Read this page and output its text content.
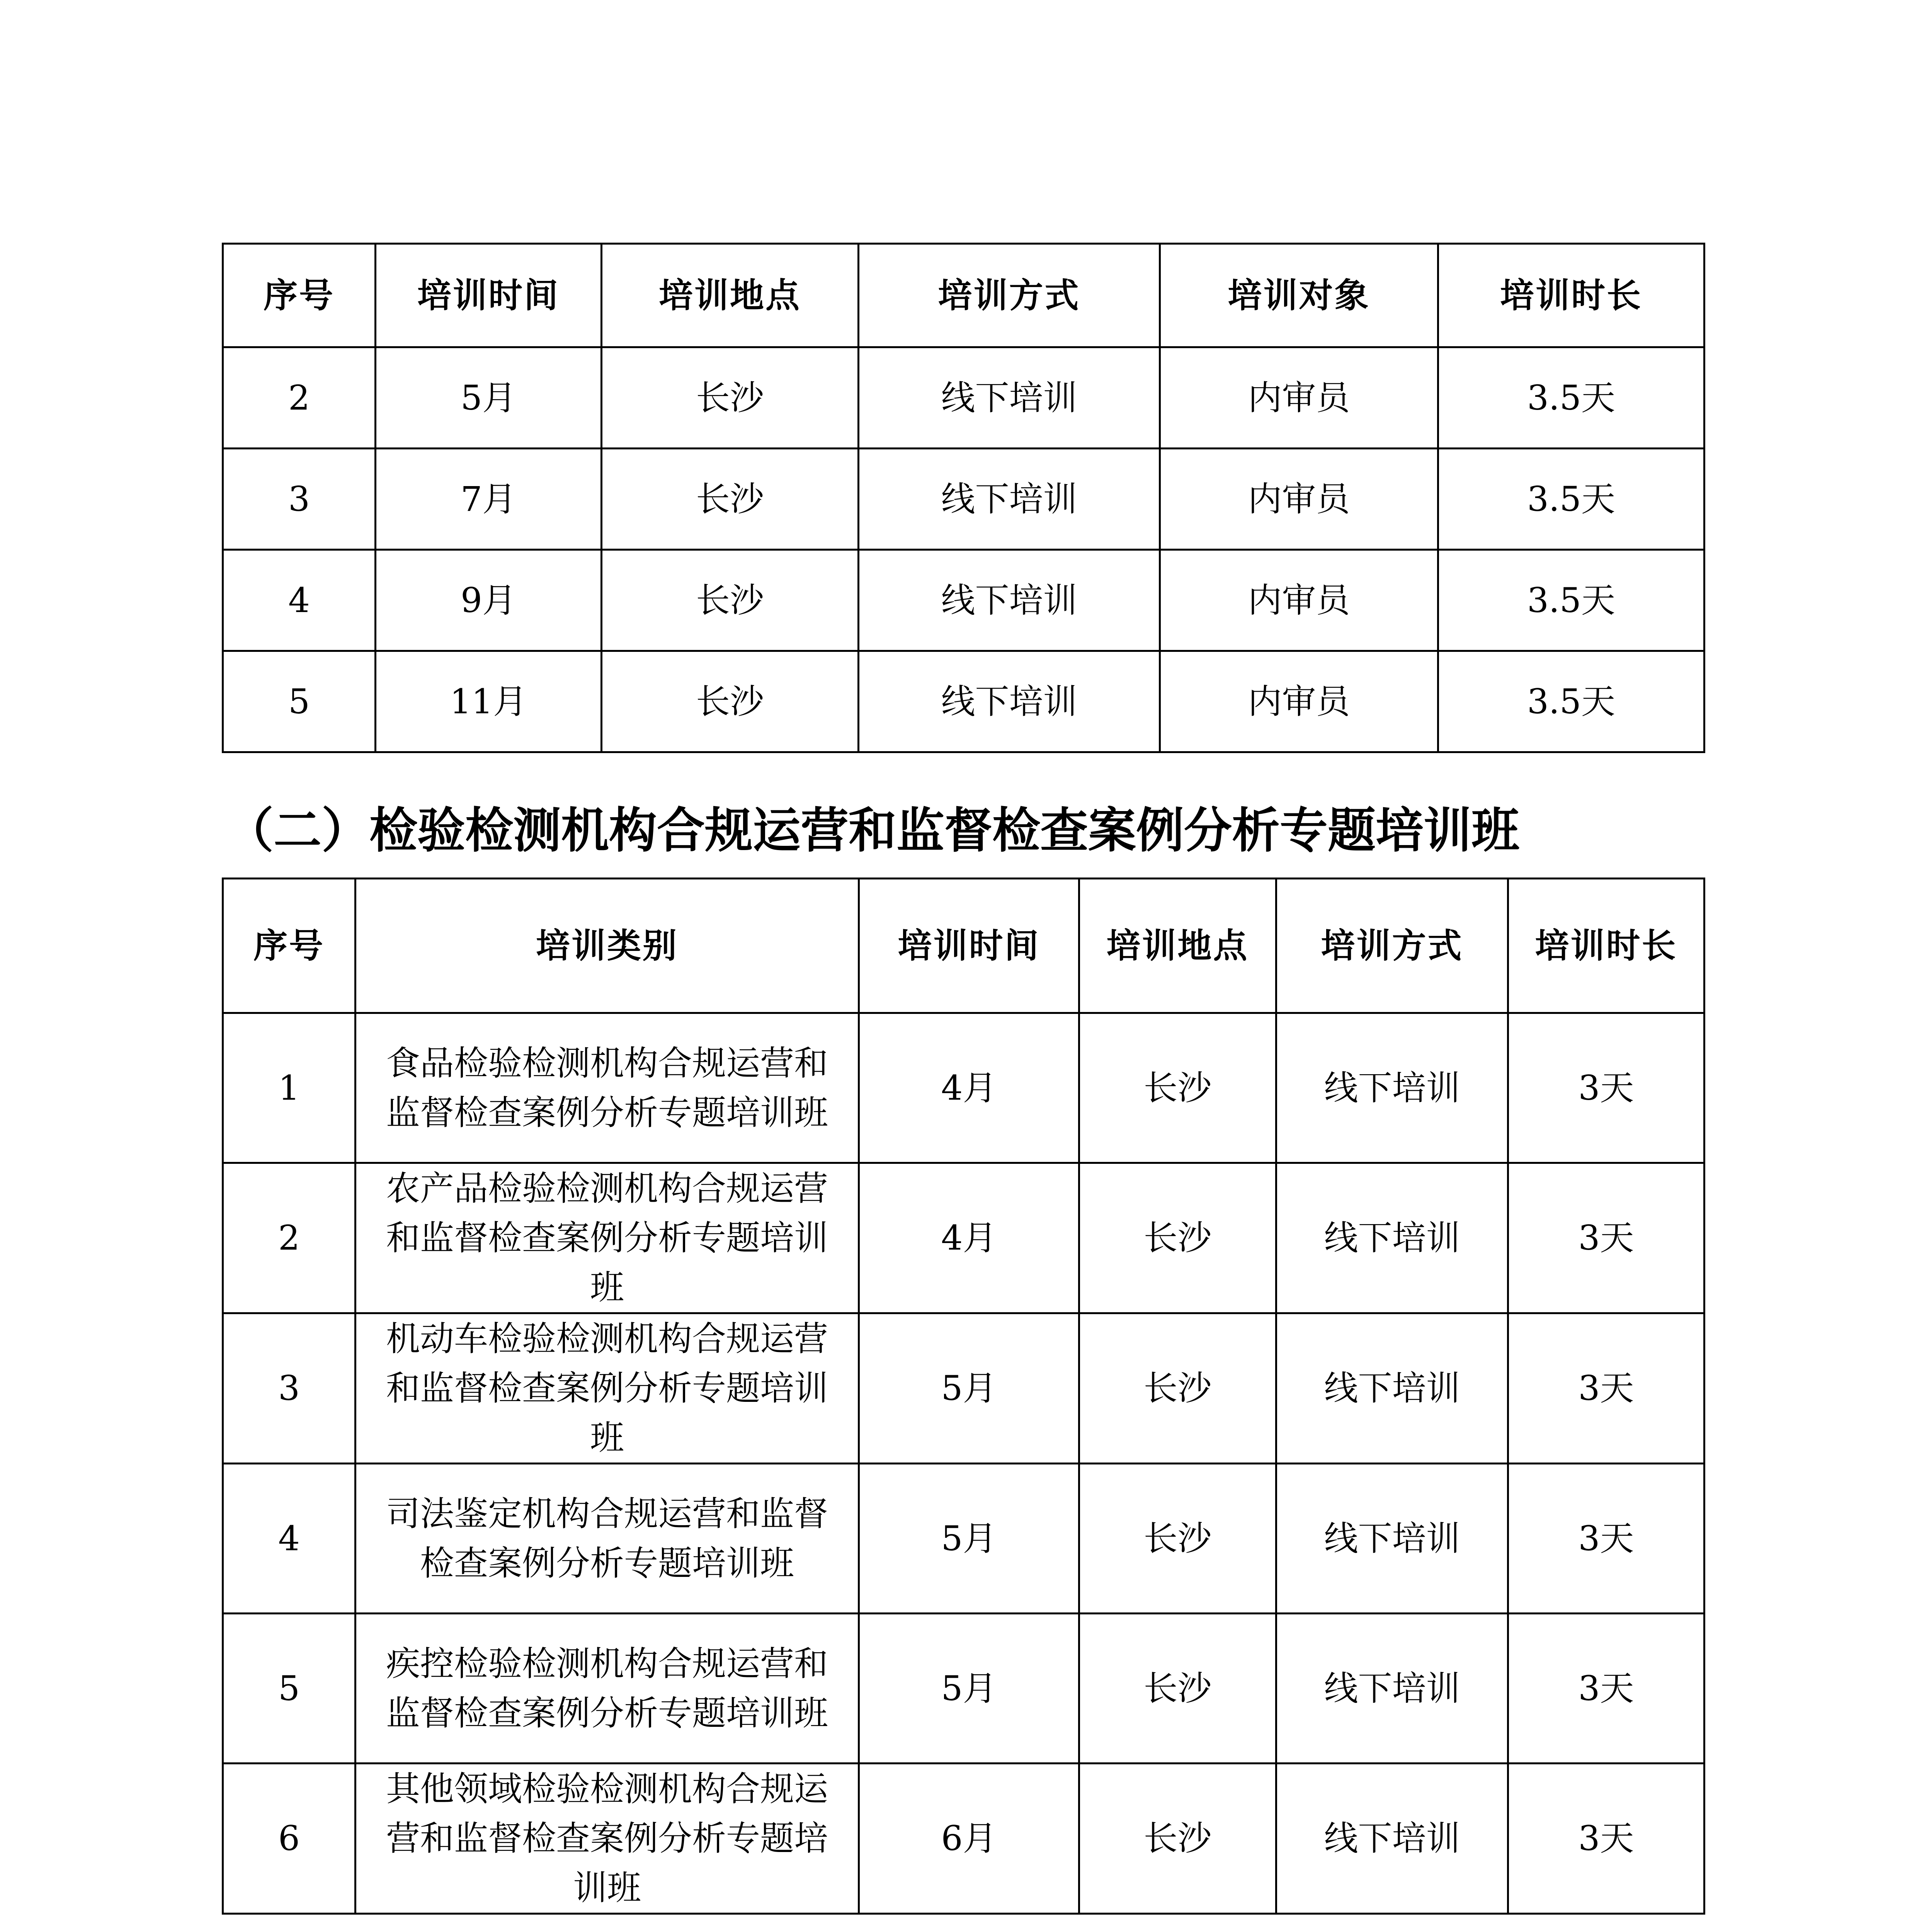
序号	培训时间	培训地点	培训方式	培训对象	培训时长
2	5月	长沙	线下培训	内审员	3.5天
3	7月	长沙	线下培训	内审员	3.5天
4	9月	长沙	线下培训	内审员	3.5天
5	11月	长沙	线下培训	内审员	3.5天
（二）检验检测机构合规运营和监督检查案例分析专题培训班
序号	培训类别	培训时间	培训地点	培训方式	培训时长
1	食品检验检测机构合规运营和监督检查案例分析专题培训班	4月	长沙	线下培训	3天
2	农产品检验检测机构合规运营和监督检查案例分析专题培训班	4月	长沙	线下培训	3天
3	机动车检验检测机构合规运营和监督检查案例分析专题培训班	5月	长沙	线下培训	3天
4	司法鉴定机构合规运营和监督检查案例分析专题培训班	5月	长沙	线下培训	3天
5	疾控检验检测机构合规运营和监督检查案例分析专题培训班	5月	长沙	线下培训	3天
6	其他领域检验检测机构合规运营和监督检查案例分析专题培训班	6月	长沙	线下培训	3天
